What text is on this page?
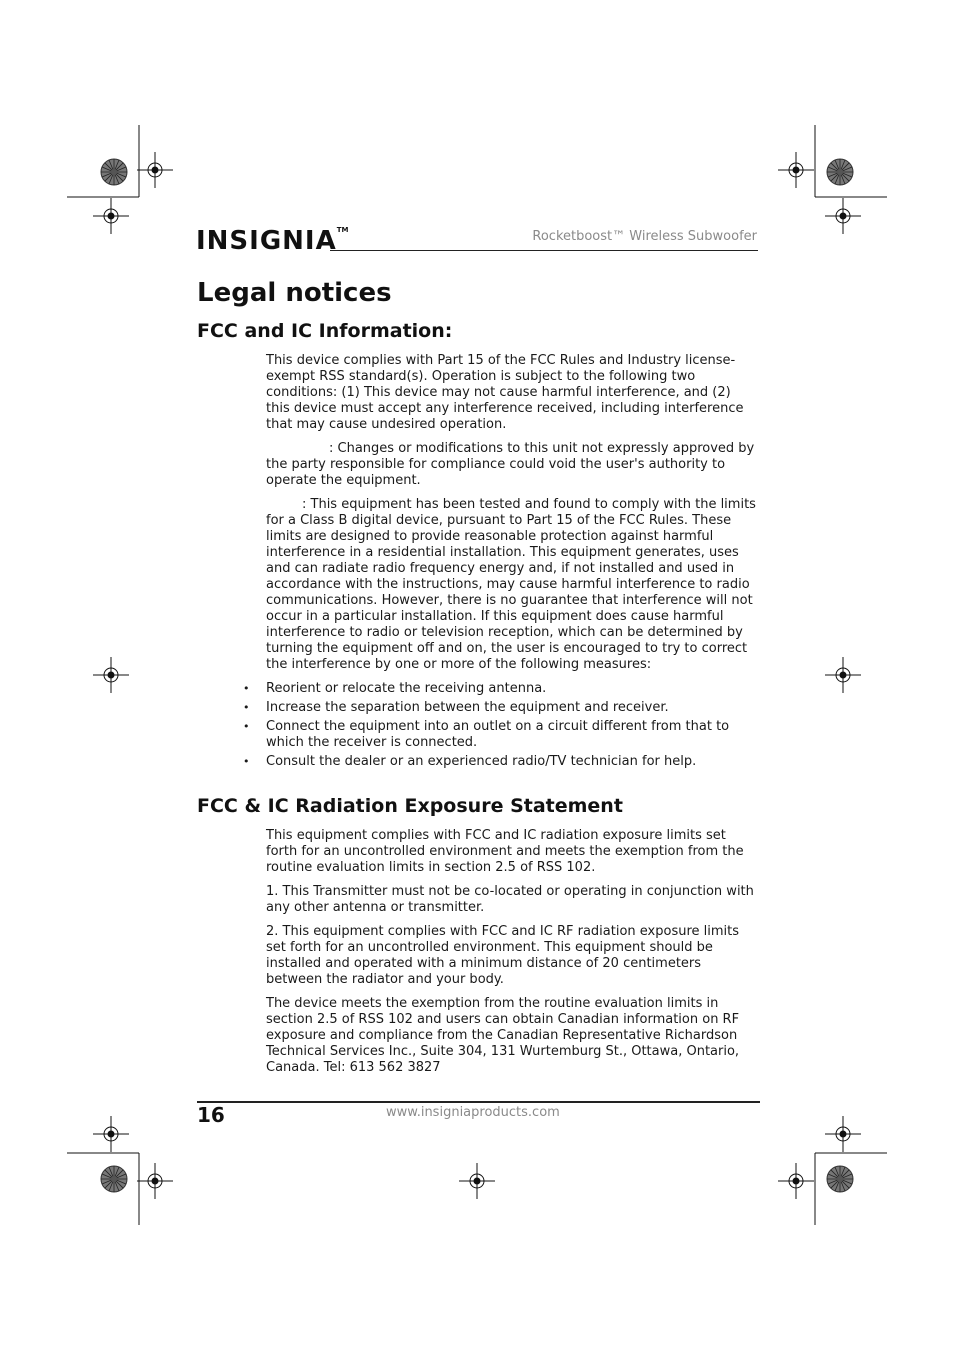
INSIGNIA™	Rocketboost™ Wireless Subwoofer
Legal notices
FCC and IC Information:

This device complies with Part 15 of the FCC Rules and Industry license-exempt RSS standard(s). Operation is subject to the following two conditions: (1) This device may not cause harmful interference, and (2) this device must accept any interference received, including interference that may cause undesired operation.

: Changes or modifications to this unit not expressly approved by the party responsible for compliance could void the user's authority to operate the equipment.

: This equipment has been tested and found to comply with the limits for a Class B digital device, pursuant to Part 15 of the FCC Rules. These limits are designed to provide reasonable protection against harmful interference in a residential installation. This equipment generates, uses and can radiate radio frequency energy and, if not installed and used in accordance with the instructions, may cause harmful interference to radio communications. However, there is no guarantee that interference will not occur in a particular installation. If this equipment does cause harmful interference to radio or television reception, which can be determined by turning the equipment off and on, the user is encouraged to try to correct the interference by one or more of the following measures:

• Reorient or relocate the receiving antenna.
• Increase the separation between the equipment and receiver.
• Connect the equipment into an outlet on a circuit different from that to which the receiver is connected.
• Consult the dealer or an experienced radio/TV technician for help.
FCC & IC Radiation Exposure Statement

This equipment complies with FCC and IC radiation exposure limits set forth for an uncontrolled environment and meets the exemption from the routine evaluation limits in section 2.5 of RSS 102.

1. This Transmitter must not be co-located or operating in conjunction with any other antenna or transmitter.

2. This equipment complies with FCC and IC RF radiation exposure limits set forth for an uncontrolled environment. This equipment should be installed and operated with a minimum distance of 20 centimeters between the radiator and your body.

The device meets the exemption from the routine evaluation limits in section 2.5 of RSS 102 and users can obtain Canadian information on RF exposure and compliance from the Canadian Representative Richardson Technical Services Inc., Suite 304, 131 Wurtemburg St., Ottawa, Ontario, Canada. Tel: 613 562 3827

16	www.insigniaproducts.com
